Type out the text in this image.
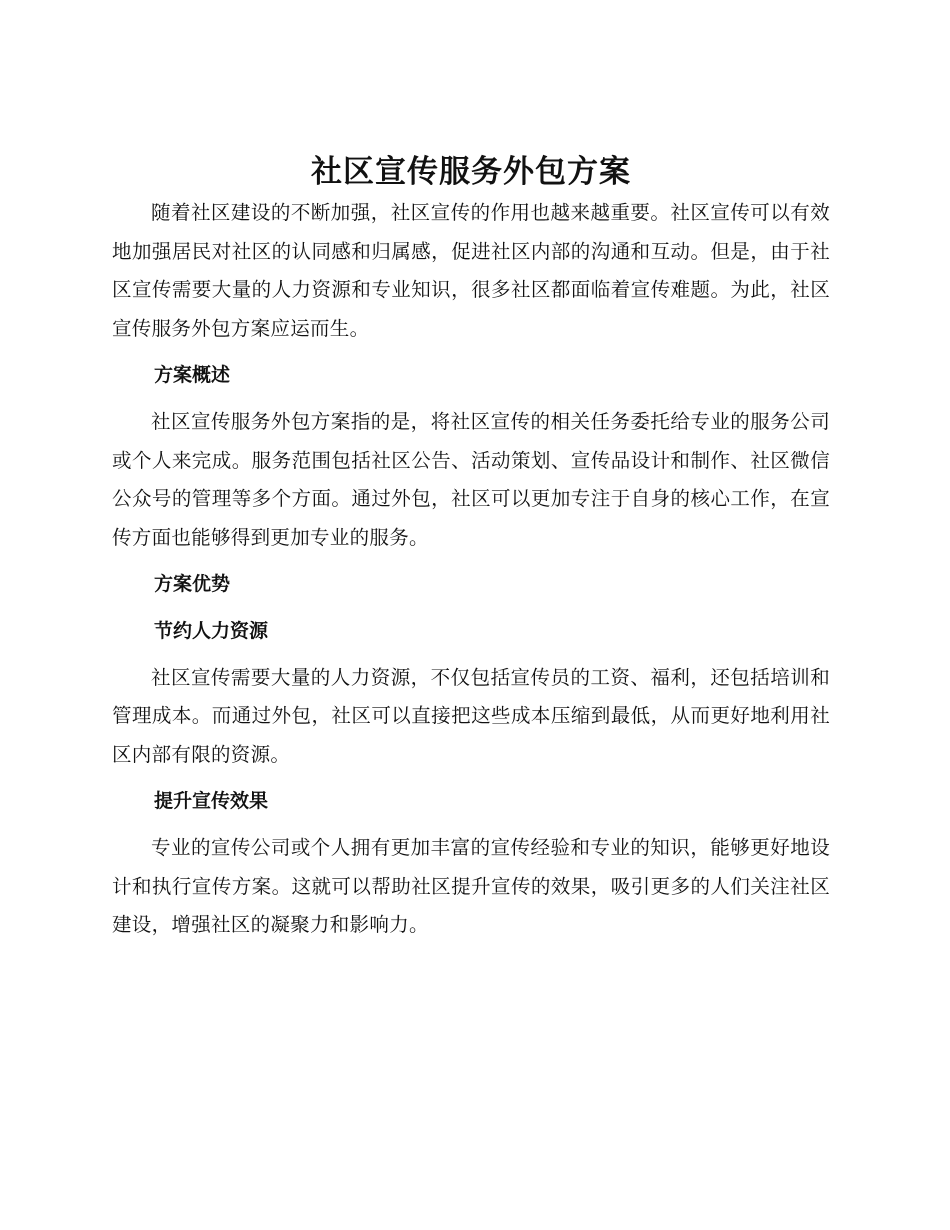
社区宣传服务外包方案

随着社区建设的不断加强，社区宣传的作用也越来越重要。社区宣传可以有效地加强居民对社区的认同感和归属感，促进社区内部的沟通和互动。但是，由于社区宣传需要大量的人力资源和专业知识，很多社区都面临着宣传难题。为此，社区宣传服务外包方案应运而生。

方案概述

社区宣传服务外包方案指的是，将社区宣传的相关任务委托给专业的服务公司或个人来完成。服务范围包括社区公告、活动策划、宣传品设计和制作、社区微信公众号的管理等多个方面。通过外包，社区可以更加专注于自身的核心工作，在宣传方面也能够得到更加专业的服务。

方案优势
节约人力资源

社区宣传需要大量的人力资源，不仅包括宣传员的工资、福利，还包括培训和管理成本。而通过外包，社区可以直接把这些成本压缩到最低，从而更好地利用社区内部有限的资源。

提升宣传效果

专业的宣传公司或个人拥有更加丰富的宣传经验和专业的知识，能够更好地设计和执行宣传方案。这就可以帮助社区提升宣传的效果，吸引更多的人们关注社区建设，增强社区的凝聚力和影响力。
